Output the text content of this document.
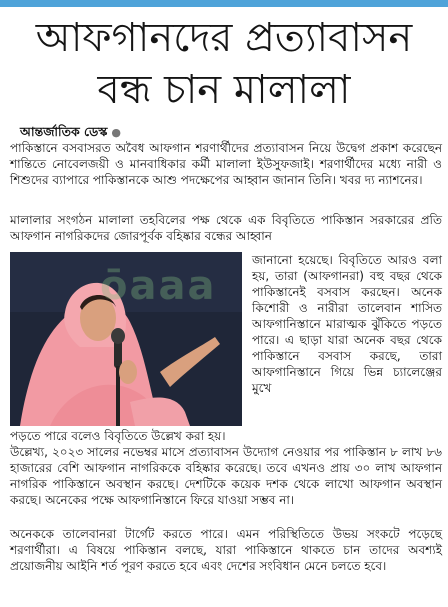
আফগানদের প্রত্যাবাসন
বন্ধ চান মালালা
আন্তর্জাতিক ডেস্ক ●
পাকিস্তানে বসবাসরত অবৈধ আফগান শরণার্থীদের প্রত্যাবাসন নিয়ে উদ্বেগ প্রকাশ করেছেন শান্তিতে নোবেলজয়ী ও মানবাধিকার কর্মী মালালা ইউসুফজাই। শরণার্থীদের মধ্যে নারী ও শিশুদের ব্যাপারে পাকিস্তানকে আশু পদক্ষেপের আহ্বান জানান তিনি। খবর দ্য ন্যাশনের।
মালালার সংগঠন মালালা তহবিলের পক্ষ থেকে এক বিবৃতিতে পাকিস্তান সরকারের প্রতি আফগান নাগরিকদের জোরপূর্বক বহিষ্কার বন্ধের আহ্বান
ōaaa
জানানো হয়েছে। বিবৃতিতে আরও বলা হয়, তারা (আফগানরা) বহু বছর থেকে পাকিস্তানেই বসবাস করছেন। অনেক কিশোরী ও নারীরা তালেবান শাসিত আফগানিস্তানে মারাত্মক ঝুঁকিতে পড়তে পারে। এ ছাড়া যারা অনেক বছর থেকে পাকিস্তানে বসবাস করছে, তারা আফগানিস্তানে গিয়ে ভিন্ন চ্যালেঞ্জের মুখে
পড়তে পারে বলেও বিবৃতিতে উল্লেখ করা হয়।
উল্লেখ্য, ২০২৩ সালের নভেম্বর মাসে প্রত্যাবাসন উদ্যোগ নেওয়ার পর পাকিস্তান ৮ লাখ ৮৬ হাজারের বেশি আফগান নাগরিককে বহিষ্কার করেছে। তবে এখনও প্রায় ৩০ লাখ আফগান নাগরিক পাকিস্তানে অবস্থান করছে। দেশটিকে কয়েক দশক থেকে লাখো আফগান অবস্থান করছে। অনেকের পক্ষে আফগানিস্তানে ফিরে যাওয়া সম্ভব না।
অনেককে তালেবানরা টার্গেট করতে পারে। এমন পরিস্থিতিতে উভয় সংকটে পড়েছে শরণার্থীরা। এ বিষয়ে পাকিস্তান বলছে, যারা পাকিস্তানে থাকতে চান তাদের অবশ্যই প্রয়োজনীয় আইনি শর্ত পূরণ করতে হবে এবং দেশের সংবিধান মেনে চলতে হবে।
